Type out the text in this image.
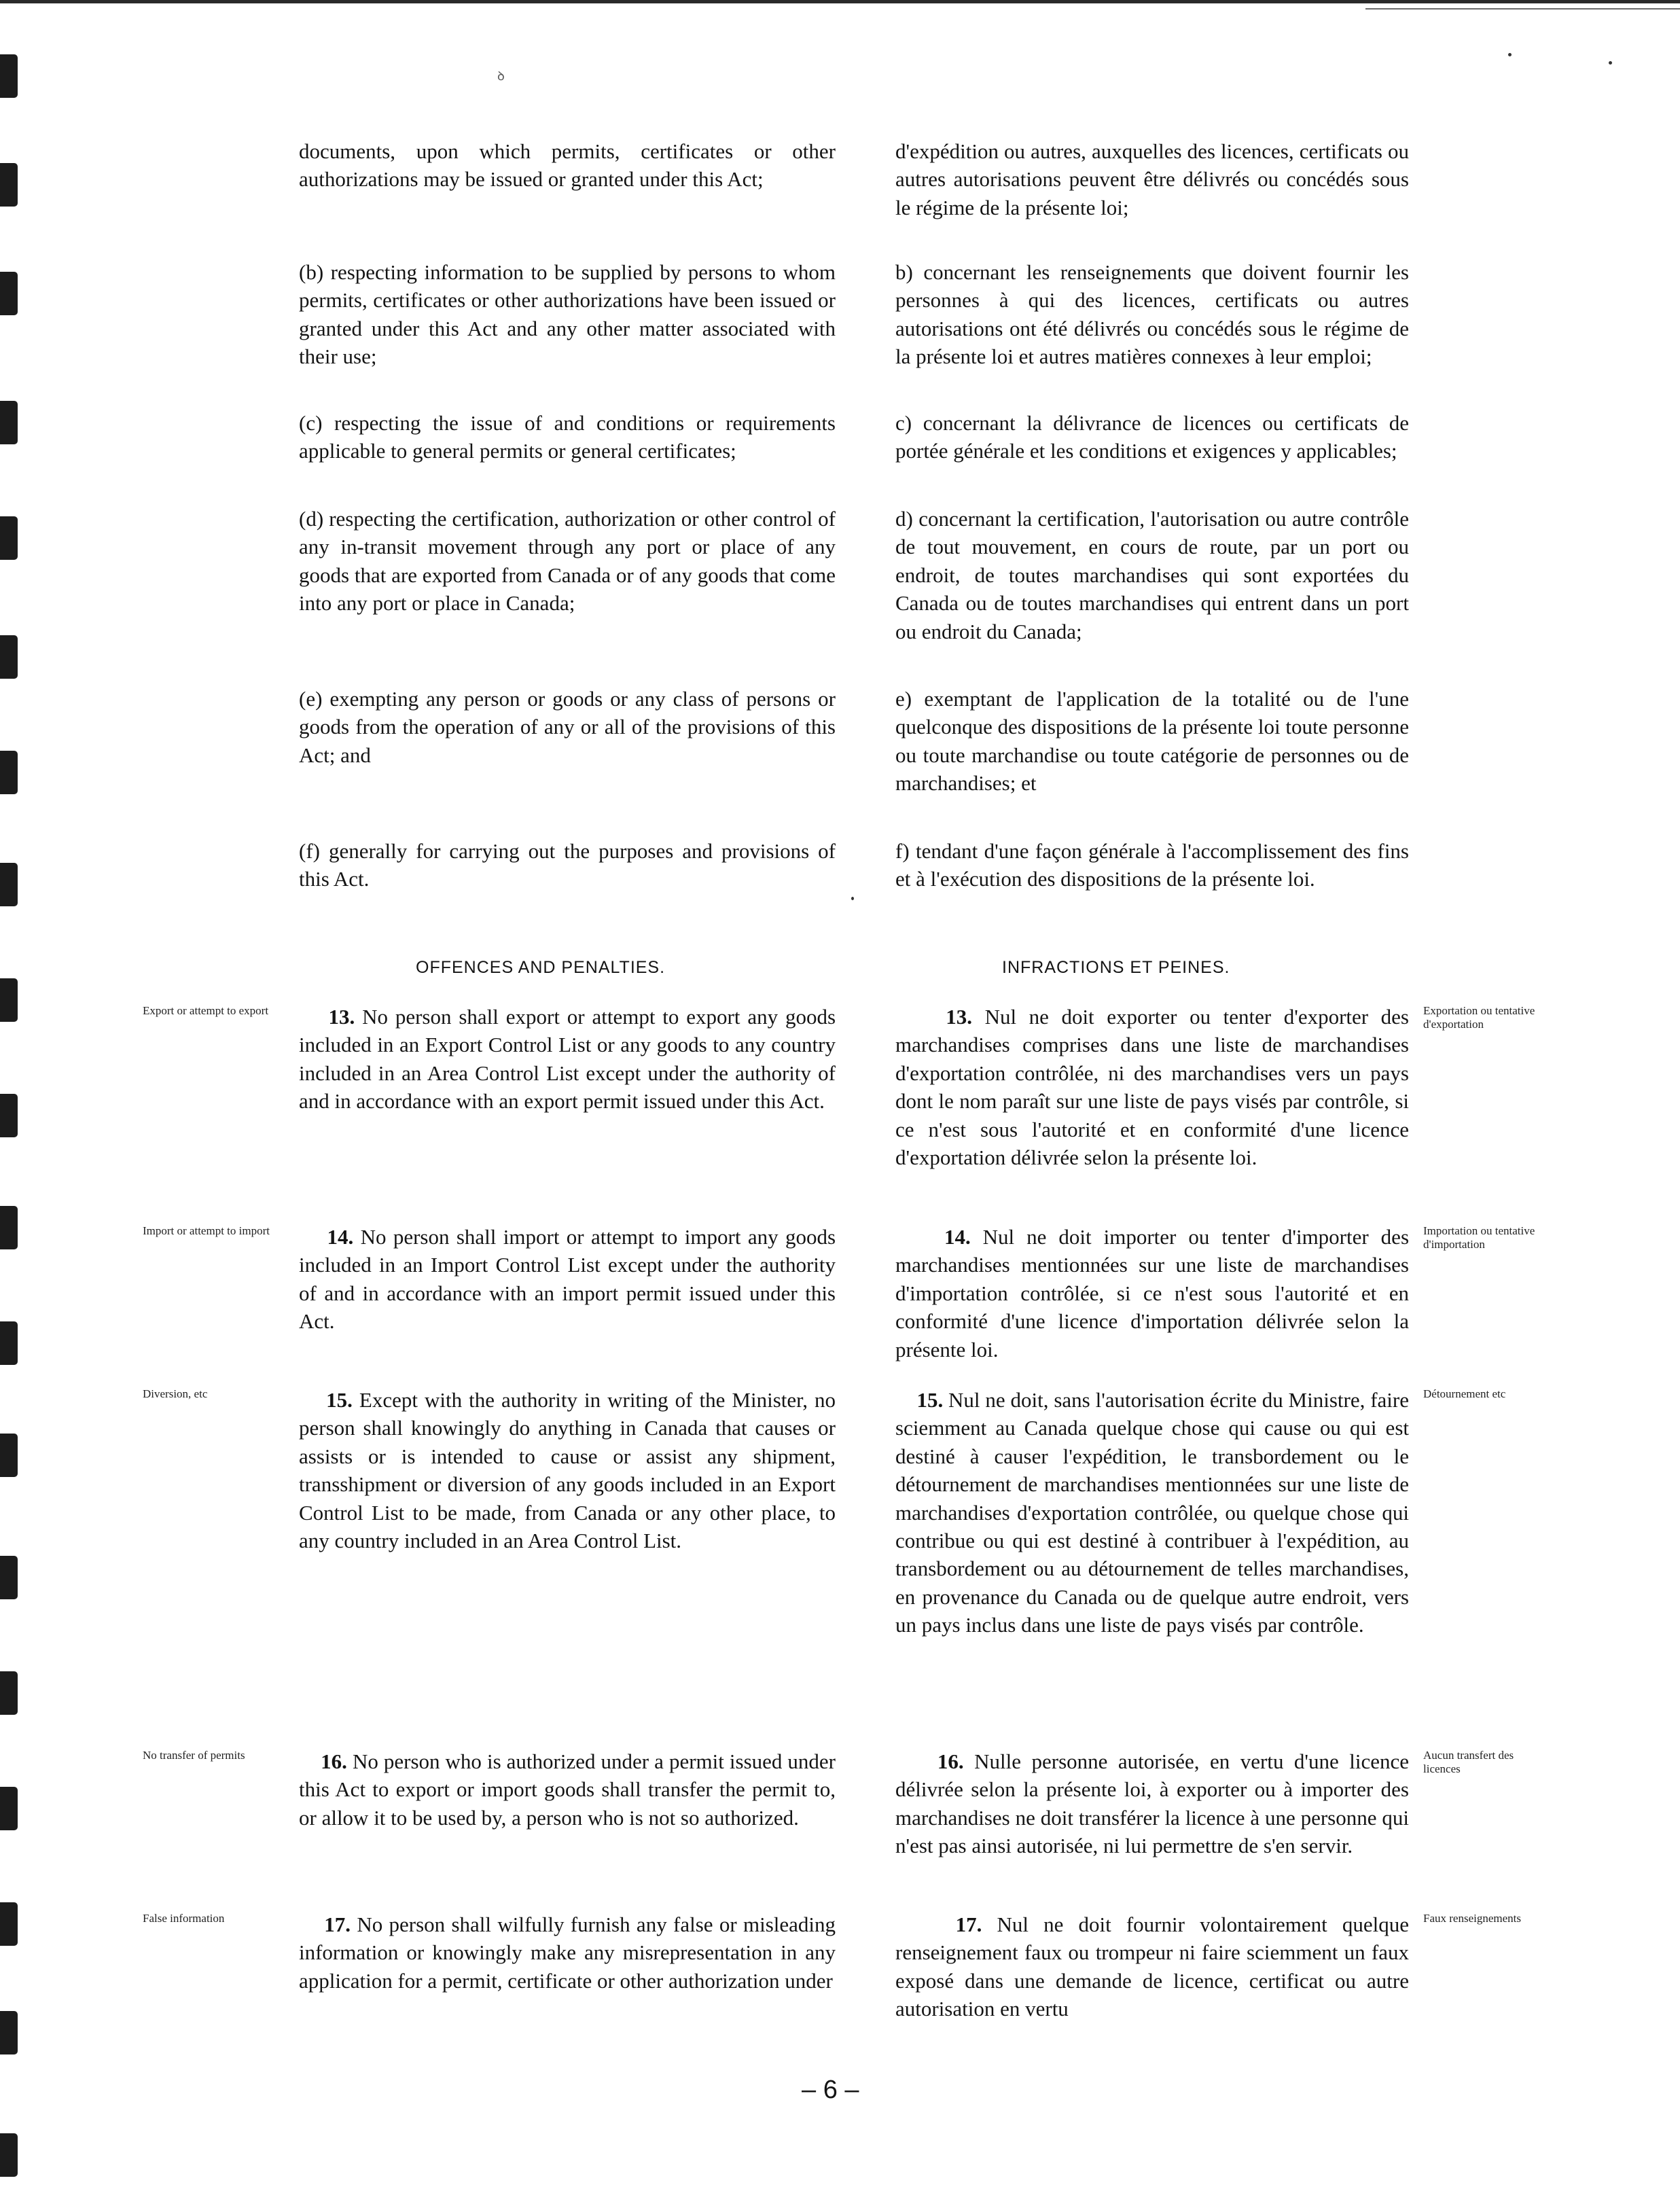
ꝺ

documents, upon which permits, certificates or other authorizations may be issued or granted under this Act;

(b) respecting information to be supplied by persons to whom permits, certificates or other authorizations have been issued or granted under this Act and any other matter associated with their use;

(c) respecting the issue of and conditions or requirements applicable to general permits or general certificates;

(d) respecting the certification, authorization or other control of any in-transit movement through any port or place of any goods that are exported from Canada or of any goods that come into any port or place in Canada;

(e) exempting any person or goods or any class of persons or goods from the operation of any or all of the provisions of this Act; and

(f) generally for carrying out the purposes and provisions of this Act.

OFFENCES AND PENALTIES.

13. No person shall export or attempt to export any goods included in an Export Control List or any goods to any country included in an Area Control List except under the authority of and in accordance with an export permit issued under this Act.

14. No person shall import or attempt to import any goods included in an Import Control List except under the authority of and in accordance with an import permit issued under this Act.

15. Except with the authority in writing of the Minister, no person shall knowingly do anything in Canada that causes or assists or is intended to cause or assist any shipment, transshipment or diversion of any goods included in an Export Control List to be made, from Canada or any other place, to any country included in an Area Control List.

16. No person who is authorized under a permit issued under this Act to export or import goods shall transfer the permit to, or allow it to be used by, a person who is not so authorized.

17. No person shall wilfully furnish any false or misleading information or knowingly make any misrepresentation in any application for a permit, certificate or other authorization under

d'expédition ou autres, auxquelles des licences, certificats ou autres autorisations peuvent être délivrés ou concédés sous le régime de la présente loi;

b) concernant les renseignements que doivent fournir les personnes à qui des licences, certificats ou autres autorisations ont été délivrés ou concédés sous le régime de la présente loi et autres matières connexes à leur emploi;

c) concernant la délivrance de licences ou certificats de portée générale et les conditions et exigences y applicables;

d) concernant la certification, l'autorisation ou autre contrôle de tout mouvement, en cours de route, par un port ou endroit, de toutes marchandises qui sont exportées du Canada ou de toutes marchandises qui entrent dans un port ou endroit du Canada;

e) exemptant de l'application de la totalité ou de l'une quelconque des dispositions de la présente loi toute personne ou toute marchandise ou toute catégorie de personnes ou de marchandises; et

f) tendant d'une façon générale à l'accomplissement des fins et à l'exécution des dispositions de la présente loi.

INFRACTIONS ET PEINES.

13. Nul ne doit exporter ou tenter d'exporter des marchandises comprises dans une liste de marchandises d'exportation contrôlée, ni des marchandises vers un pays dont le nom paraît sur une liste de pays visés par contrôle, si ce n'est sous l'autorité et en conformité d'une licence d'exportation délivrée selon la présente loi.

14. Nul ne doit importer ou tenter d'importer des marchandises mentionnées sur une liste de marchandises d'importation contrôlée, si ce n'est sous l'autorité et en conformité d'une licence d'importation délivrée selon la présente loi.

15. Nul ne doit, sans l'autorisation écrite du Ministre, faire sciemment au Canada quelque chose qui cause ou qui est destiné à causer l'expédition, le transbordement ou le détournement de marchandises mentionnées sur une liste de marchandises d'exportation contrôlée, ou quelque chose qui contribue ou qui est destiné à contribuer à l'expédition, au transbordement ou au détournement de telles marchandises, en provenance du Canada ou de quelque autre endroit, vers un pays inclus dans une liste de pays visés par contrôle.

16. Nulle personne autorisée, en vertu d'une licence délivrée selon la présente loi, à exporter ou à importer des marchandises ne doit transférer la licence à une personne qui n'est pas ainsi autorisée, ni lui permettre de s'en servir.

17. Nul ne doit fournir volontairement quelque renseignement faux ou trompeur ni faire sciemment un faux exposé dans une demande de licence, certificat ou autre autorisation en vertu

Export or attempt to export
Import or attempt to import
Diversion, etc
No transfer of permits
False information
Exportation ou tentative d'exportation
Importation ou tentative d'importation
Détournement etc
Aucun transfert des licences
Faux renseignements
– 6 –
